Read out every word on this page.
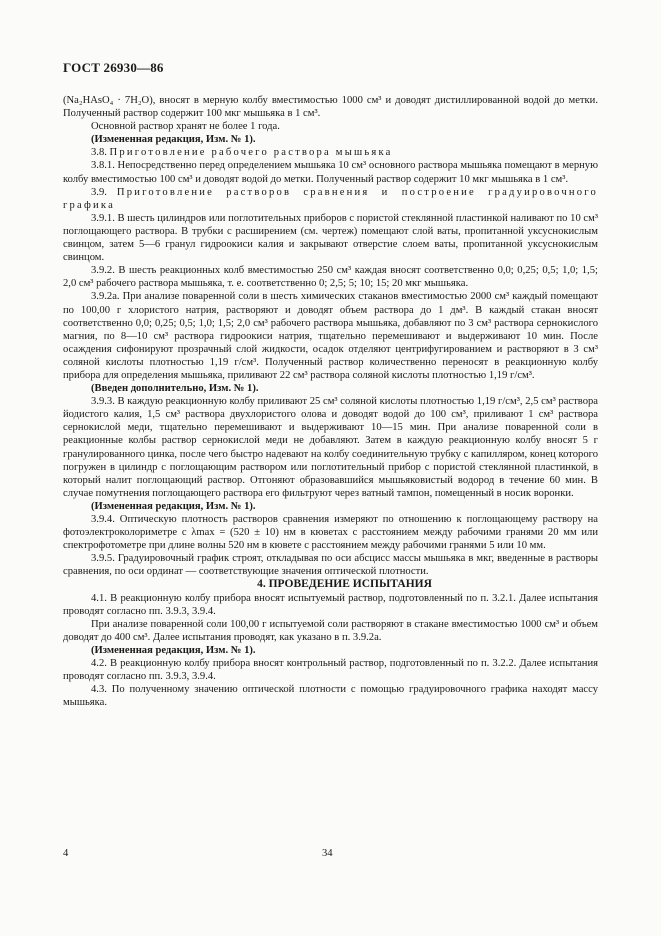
ГОСТ 26930—86

(Na₂HAsO₄ · 7H₂O), вносят в мерную колбу вместимостью 1000 см³ и доводят дистиллированной водой до метки. Полученный раствор содержит 100 мкг мышьяка в 1 см³.

Основной раствор хранят не более 1 года.

(Измененная редакция, Изм. № 1).

3.8. Приготовление рабочего раствора мышьяка

3.8.1. Непосредственно перед определением мышьяка 10 см³ основного раствора мышьяка помещают в мерную колбу вместимостью 100 см³ и доводят водой до метки. Полученный раствор содержит 10 мкг мышьяка в 1 см³.

3.9. Приготовление растворов сравнения и построение градуировочного графика

3.9.1. В шесть цилиндров или поглотительных приборов с пористой стеклянной пластинкой наливают по 10 см³ поглощающего раствора. В трубки с расширением (см. чертеж) помещают слой ваты, пропитанной уксуснокислым свинцом, затем 5—6 гранул гидроокиси калия и закрывают отверстие слоем ваты, пропитанной уксуснокислым свинцом.

3.9.2. В шесть реакционных колб вместимостью 250 см³ каждая вносят соответственно 0,0; 0,25; 0,5; 1,0; 1,5; 2,0 см³ рабочего раствора мышьяка, т. е. соответственно 0; 2,5; 5; 10; 15; 20 мкг мышьяка.

3.9.2а. При анализе поваренной соли в шесть химических стаканов вместимостью 2000 см³ каждый помещают по 100,00 г хлористого натрия, растворяют и доводят объем раствора до 1 дм³. В каждый стакан вносят соответственно 0,0; 0,25; 0,5; 1,0; 1,5; 2,0 см³ рабочего раствора мышьяка, добавляют по 3 см³ раствора сернокислого магния, по 8—10 см³ раствора гидроокиси натрия, тщательно перемешивают и выдерживают 10 мин. После осаждения сифонируют прозрачный слой жидкости, осадок отделяют центрифугированием и растворяют в 3 см³ соляной кислоты плотностью 1,19 г/см³. Полученный раствор количественно переносят в реакционную колбу прибора для определения мышьяка, приливают 22 см³ раствора соляной кислоты плотностью 1,19 г/см³.

(Введен дополнительно, Изм. № 1).

3.9.3. В каждую реакционную колбу приливают 25 см³ соляной кислоты плотностью 1,19 г/см³, 2,5 см³ раствора йодистого калия, 1,5 см³ раствора двухлористого олова и доводят водой до 100 см³, приливают 1 см³ раствора сернокислой меди, тщательно перемешивают и выдерживают 10—15 мин. При анализе поваренной соли в реакционные колбы раствор сернокислой меди не добавляют. Затем в каждую реакционную колбу вносят 5 г гранулированного цинка, после чего быстро надевают на колбу соединительную трубку с капилляром, конец которого погружен в цилиндр с поглощающим раствором или поглотительный прибор с пористой стеклянной пластинкой, в который налит поглощающий раствор. Отгоняют образовавшийся мышьяковистый водород в течение 60 мин. В случае помутнения поглощающего раствора его фильтруют через ватный тампон, помещенный в носик воронки.

(Измененная редакция, Изм. № 1).

3.9.4. Оптическую плотность растворов сравнения измеряют по отношению к поглощающему раствору на фотоэлектроколориметре с λmax = (520 ± 10) нм в кюветах с расстоянием между рабочими гранями 20 мм или спектрофотометре при длине волны 520 нм в кювете с расстоянием между рабочими гранями 5 или 10 мм.

3.9.5. Градуировочный график строят, откладывая по оси абсцисс массы мышьяка в мкг, введенные в растворы сравнения, по оси ординат — соответствующие значения оптической плотности.

4. ПРОВЕДЕНИЕ ИСПЫТАНИЯ

4.1. В реакционную колбу прибора вносят испытуемый раствор, подготовленный по п. 3.2.1. Далее испытания проводят согласно пп. 3.9.3, 3.9.4.

При анализе поваренной соли 100,00 г испытуемой соли растворяют в стакане вместимостью 1000 см³ и объем доводят до 400 см³. Далее испытания проводят, как указано в п. 3.9.2а.

(Измененная редакция, Изм. № 1).

4.2. В реакционную колбу прибора вносят контрольный раствор, подготовленный по п. 3.2.2. Далее испытания проводят согласно пп. 3.9.3, 3.9.4.

4.3. По полученному значению оптической плотности с помощью градуировочного графика находят массу мышьяка.

4	34
